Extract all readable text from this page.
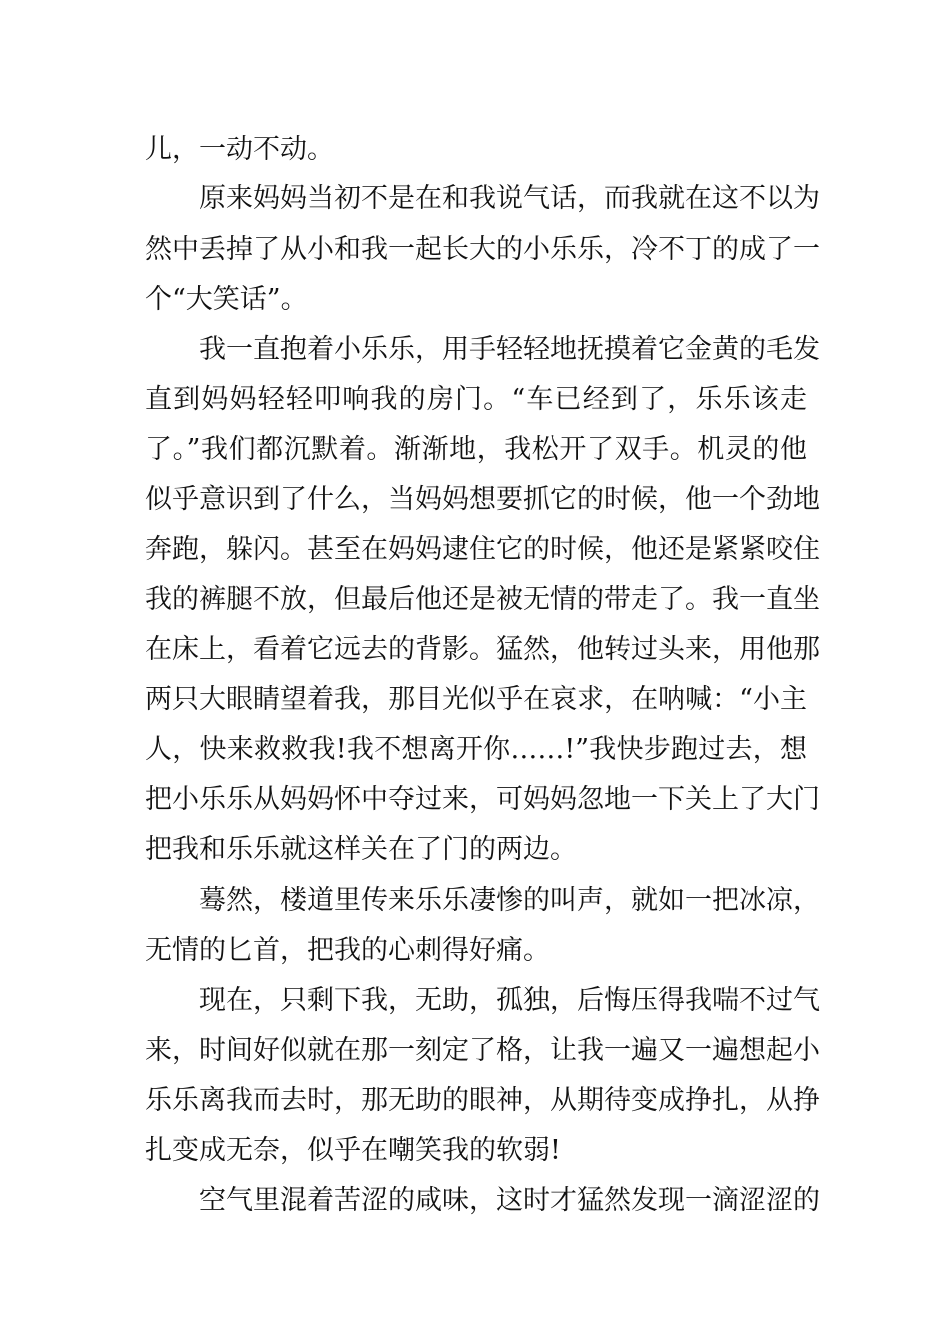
儿，一动不动。

原来妈妈当初不是在和我说气话，而我就在这不以为

然中丢掉了从小和我一起长大的小乐乐，冷不丁的成了一

个“大笑话”。

我一直抱着小乐乐，用手轻轻地抚摸着它金黄的毛发

直到妈妈轻轻叩响我的房门。“车已经到了，乐乐该走

了。”我们都沉默着。渐渐地，我松开了双手。机灵的他

似乎意识到了什么，当妈妈想要抓它的时候，他一个劲地

奔跑，躲闪。甚至在妈妈逮住它的时候，他还是紧紧咬住

我的裤腿不放，但最后他还是被无情的带走了。我一直坐

在床上，看着它远去的背影。猛然，他转过头来，用他那

两只大眼睛望着我，那目光似乎在哀求，在呐喊：“小主

人，快来救救我!我不想离开你……!”我快步跑过去，想

把小乐乐从妈妈怀中夺过来，可妈妈忽地一下关上了大门

把我和乐乐就这样关在了门的两边。

蓦然，楼道里传来乐乐凄惨的叫声，就如一把冰凉，

无情的匕首，把我的心刺得好痛。

现在，只剩下我，无助，孤独，后悔压得我喘不过气

来，时间好似就在那一刻定了格，让我一遍又一遍想起小

乐乐离我而去时，那无助的眼神，从期待变成挣扎，从挣

扎变成无奈，似乎在嘲笑我的软弱!

空气里混着苦涩的咸味，这时才猛然发现一滴涩涩的
